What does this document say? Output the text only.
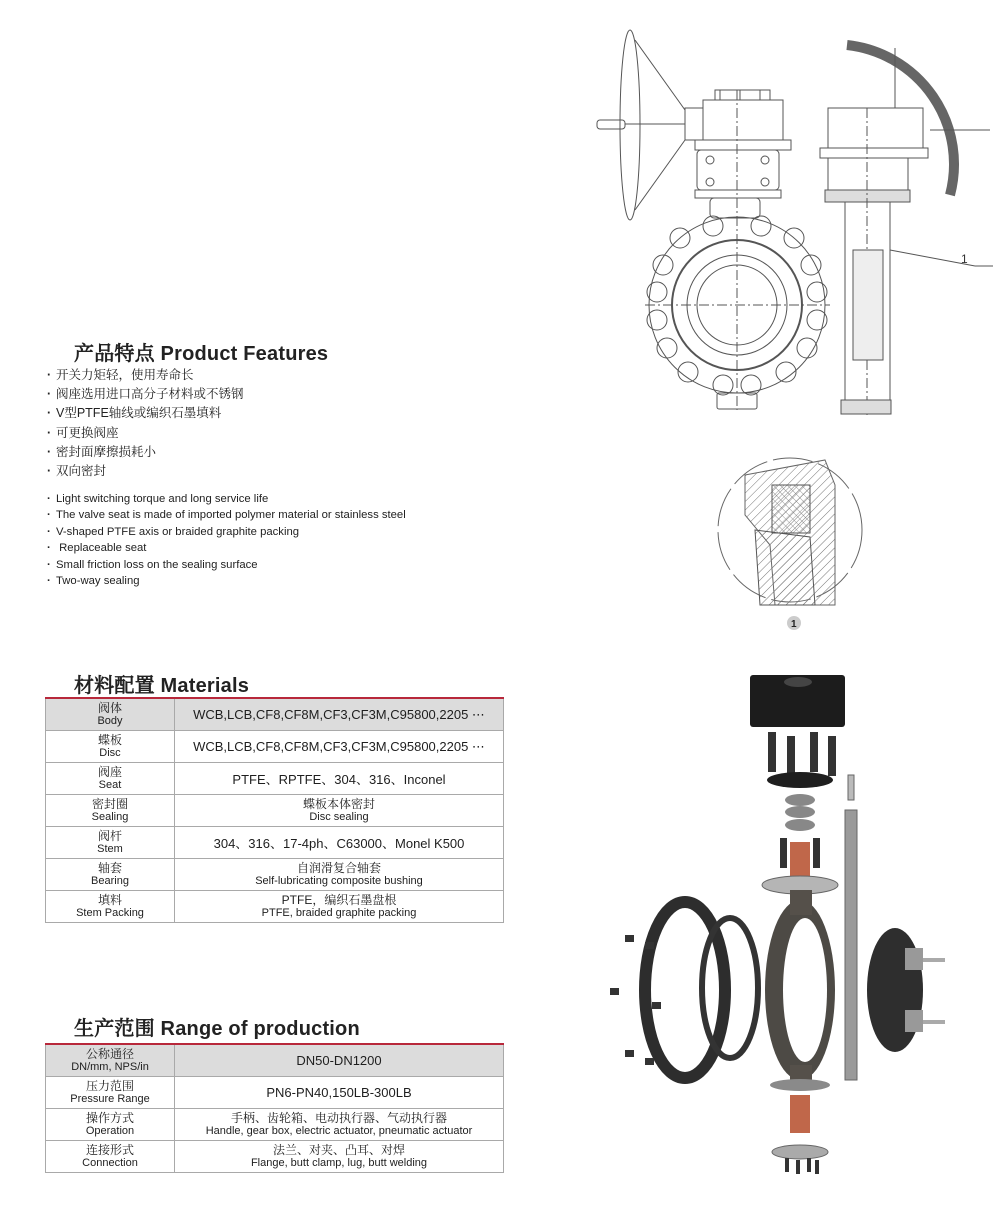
产品特点 Product Features
· 开关力矩轻，使用寿命长
· 阀座选用进口高分子材料或不锈钢
· V型PTFE轴线或编织石墨填料
· 可更换阀座
· 密封面摩擦损耗小
· 双向密封
· Light switching torque and long service life
· The valve seat is made of imported polymer material or stainless steel
· V-shaped PTFE axis or braided graphite packing
·  Replaceable seat
· Small friction loss on the sealing surface
· Two-way sealing
材料配置 Materials
阀体
Body	WCB,LCB,CF8,CF8M,CF3,CF3M,C95800,2205 ⋯

蝶板
Disc	WCB,LCB,CF8,CF8M,CF3,CF3M,C95800,2205 ⋯

阀座
Seat	PTFE、RPTFE、304、316、Inconel

密封圈
Sealing	蝶板本体密封
Disc sealing

阀杆
Stem	304、316、17-4ph、C63000、Monel K500

轴套
Bearing	自润滑复合轴套
Self-lubricating composite bushing

填料
Stem Packing	PTFE，编织石墨盘根
PTFE, braided graphite packing
生产范围 Range of production
公称通径
DN/mm, NPS/in	DN50-DN1200

压力范围
Pressure Range	PN6-PN40,150LB-300LB

操作方式
Operation	手柄、齿轮箱、电动执行器、气动执行器
Handle, gear box, electric actuator, pneumatic actuator

连接形式
Connection	法兰、对夹、凸耳、对焊
Flange, butt clamp, lug, butt welding
1
1
